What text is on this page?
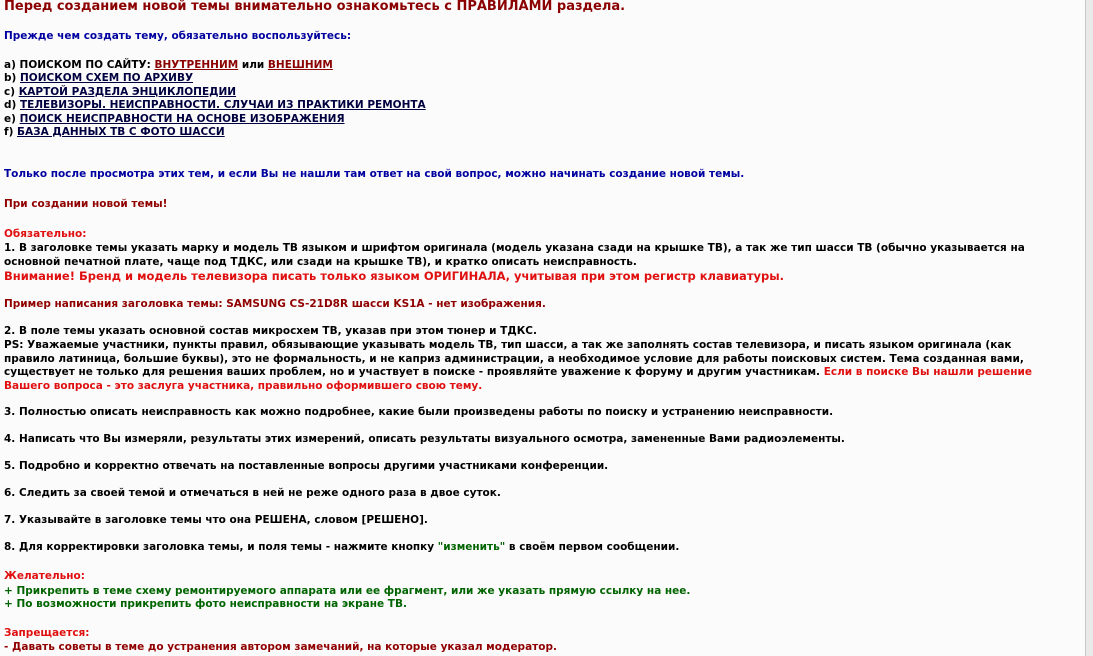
Перед созданием новой темы внимательно ознакомьтесь с ПРАВИЛАМИ раздела.
Прежде чем создать тему, обязательно воспользуйтесь:
a) ПОИСКОМ ПО САЙТУ: ВНУТРЕННИМ или ВНЕШНИМ
b) ПОИСКОМ СХЕМ ПО АРХИВУ
c) КАРТОЙ РАЗДЕЛА ЭНЦИКЛОПЕДИИ
d) ТЕЛЕВИЗОРЫ. НЕИСПРАВНОСТИ. СЛУЧАИ ИЗ ПРАКТИКИ РЕМОНТА
e) ПОИСК НЕИСПРАВНОСТИ НА ОСНОВЕ ИЗОБРАЖЕНИЯ
f) БАЗА ДАННЫХ ТВ С ФОТО ШАССИ
Только после просмотра этих тем, и если Вы не нашли там ответ на свой вопрос, можно начинать создание новой темы.
При создании новой темы!
Обязательно:
1. В заголовке темы указать марку и модель ТВ языком и шрифтом оригинала (модель указана сзади на крышке ТВ), а так же тип шасси ТВ (обычно указывается на основной печатной плате, чаще под ТДКС, или сзади на крышке ТВ), и кратко описать неисправность.
Внимание! Бренд и модель телевизора писать только языком ОРИГИНАЛА, учитывая при этом регистр клавиатуры.
Пример написания заголовка темы: SAMSUNG CS-21D8R шасси KS1A - нет изображения.
2. В поле темы указать основной состав микросхем ТВ, указав при этом тюнер и ТДКС.
PS: Уважаемые участники, пункты правил, обязывающие указывать модель ТВ, тип шасси, а так же заполнять состав телевизора, и писать языком оригинала (как правило латиница, большие буквы), это не формальность, и не каприз администрации, а необходимое условие для работы поисковых систем. Тема созданная вами, существует не только для решения ваших проблем, но и участвует в поиске - проявляйте уважение к форуму и другим участникам. Если в поиске Вы нашли решение Вашего вопроса - это заслуга участника, правильно оформившего свою тему.
3. Полностью описать неисправность как можно подробнее, какие были произведены работы по поиску и устранению неисправности.
4. Написать что Вы измеряли, результаты этих измерений, описать результаты визуального осмотра, замененные Вами радиоэлементы.
5. Подробно и корректно отвечать на поставленные вопросы другими участниками конференции.
6. Следить за своей темой и отмечаться в ней не реже одного раза в двое суток.
7. Указывайте в заголовке темы что она РЕШЕНА, словом [РЕШЕНО].
8. Для корректировки заголовка темы, и поля темы - нажмите кнопку "изменить" в своём первом сообщении.
Желательно:
+ Прикрепить в теме схему ремонтируемого аппарата или ее фрагмент, или же указать прямую ссылку на нее.
+ По возможности прикрепить фото неисправности на экране ТВ.
Запрещается:
- Давать советы в теме до устранения автором замечаний, на которые указал модератор.
